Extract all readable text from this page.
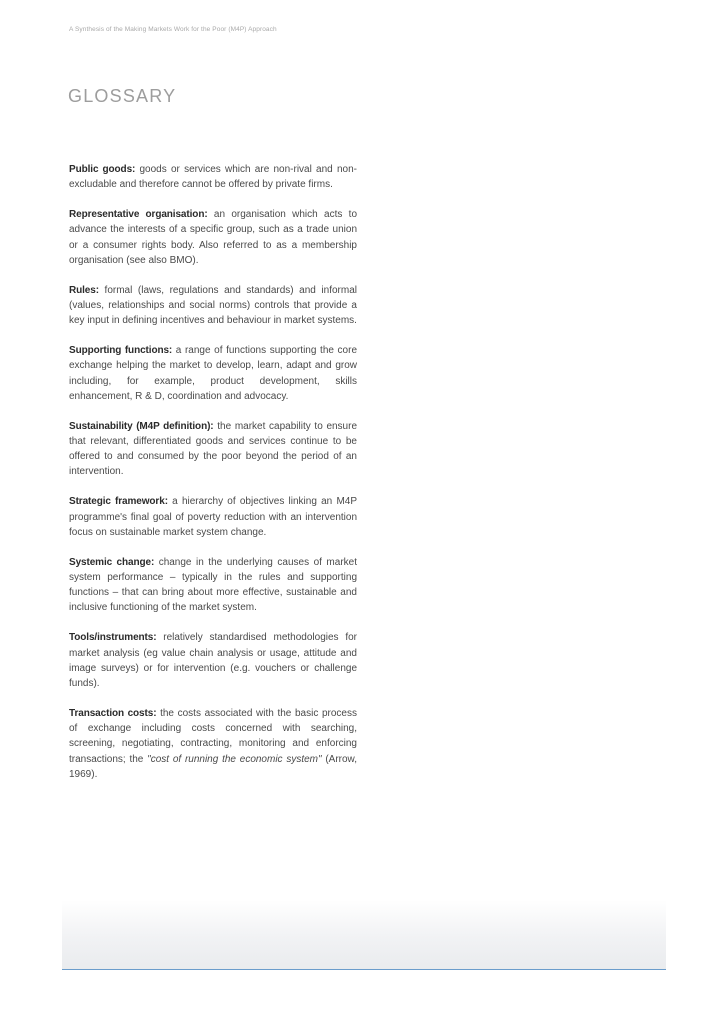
A Synthesis of the Making Markets Work for the Poor (M4P) Approach
GLOSSARY

Public goods: goods or services which are non-rival and non-excludable and therefore cannot be offered by private firms.

Representative organisation: an organisation which acts to advance the interests of a specific group, such as a trade union or a consumer rights body. Also referred to as a membership organisation (see also BMO).

Rules: formal (laws, regulations and standards) and informal (values, relationships and social norms) controls that provide a key input in defining incentives and behaviour in market systems.

Supporting functions: a range of functions supporting the core exchange helping the market to develop, learn, adapt and grow including, for example, product development, skills enhancement, R & D, coordination and advocacy.

Sustainability (M4P definition): the market capability to ensure that relevant, differentiated goods and services continue to be offered to and consumed by the poor beyond the period of an intervention.

Strategic framework: a hierarchy of objectives linking an M4P programme's final goal of poverty reduction with an intervention focus on sustainable market system change.

Systemic change: change in the underlying causes of market system performance – typically in the rules and supporting functions – that can bring about more effective, sustainable and inclusive functioning of the market system.

Tools/instruments: relatively standardised methodologies for market analysis (eg value chain analysis or usage, attitude and image surveys) or for intervention (e.g. vouchers or challenge funds).

Transaction costs: the costs associated with the basic process of exchange including costs concerned with searching, screening, negotiating, contracting, monitoring and enforcing transactions; the "cost of running the economic system" (Arrow, 1969).
